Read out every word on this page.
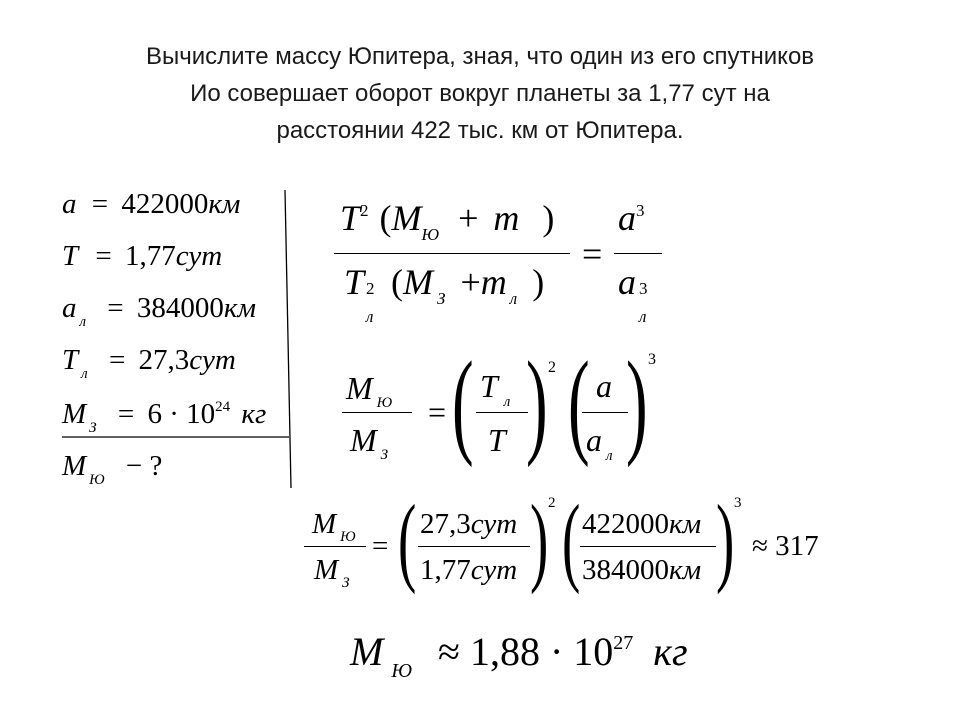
Вычислите массу Юпитера, зная, что один из его спутников
Ио совершает оборот вокруг планеты за 1,77 сут на
расстоянии 422 тыс. км от Юпитера.
a = 422000км
T = 1,77сут
a $_л$ = 384000км
T $_л$ = 27,3сут
M $_З = 6 \cdot 10^{24}$ кг
M $_Ю$ − ?
$T^2$ ($M_Ю + m$ )
T 2
л
(M $_З$ +m $_л$ )
=
$a^3$
a 3
л
M $_Ю$
M $_З$
= ( T $_л$
T ) 2 ( a
a $_л$ ) 3
M $_Ю$
M $_З$
= ( 27,3сут
1,77сут ) 2 ( 422000км
384000км ) 3
≈ 317
M $_Ю \approx 1,88 \cdot 10^{27}$ кг
